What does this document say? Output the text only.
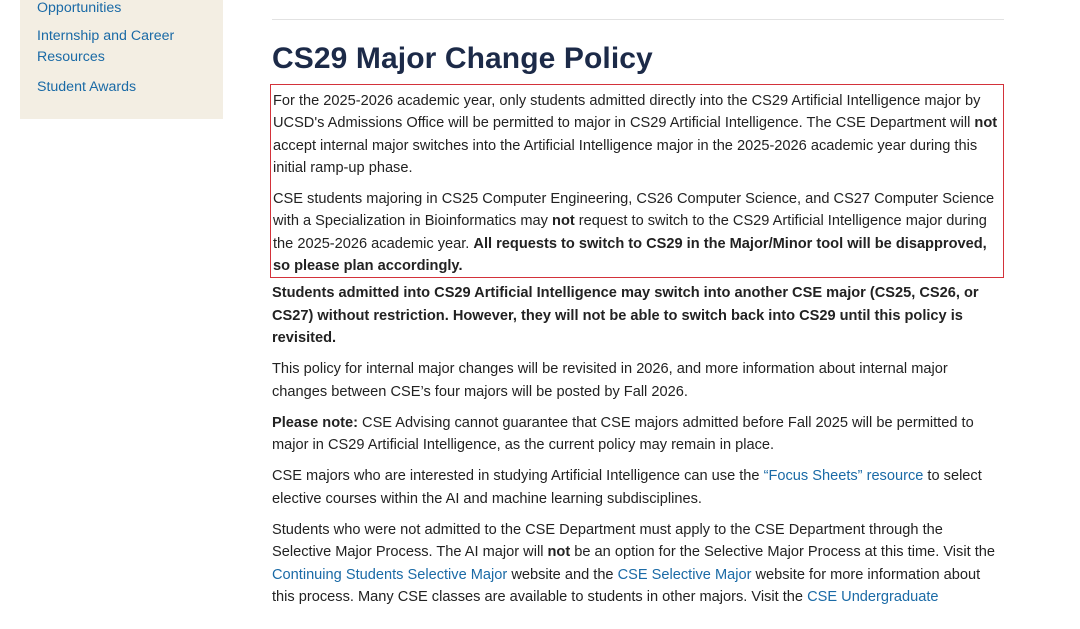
Opportunities
Internship and Career Resources
Student Awards
CS29 Major Change Policy

For the 2025-2026 academic year, only students admitted directly into the CS29 Artificial Intelligence major by UCSD's Admissions Office will be permitted to major in CS29 Artificial Intelligence. The CSE Department will not accept internal major switches into the Artificial Intelligence major in the 2025-2026 academic year during this initial ramp-up phase.

CSE students majoring in CS25 Computer Engineering, CS26 Computer Science, and CS27 Computer Science with a Specialization in Bioinformatics may not request to switch to the CS29 Artificial Intelligence major during the 2025-2026 academic year. All requests to switch to CS29 in the Major/Minor tool will be disapproved, so please plan accordingly.

Students admitted into CS29 Artificial Intelligence may switch into another CSE major (CS25, CS26, or CS27) without restriction. However, they will not be able to switch back into CS29 until this policy is revisited.

This policy for internal major changes will be revisited in 2026, and more information about internal major changes between CSE’s four majors will be posted by Fall 2026.

Please note: CSE Advising cannot guarantee that CSE majors admitted before Fall 2025 will be permitted to major in CS29 Artificial Intelligence, as the current policy may remain in place.

CSE majors who are interested in studying Artificial Intelligence can use the “Focus Sheets” resource to select elective courses within the AI and machine learning subdisciplines.

Students who were not admitted to the CSE Department must apply to the CSE Department through the Selective Major Process. The AI major will not be an option for the Selective Major Process at this time. Visit the Continuing Students Selective Major website and the CSE Selective Major website for more information about this process. Many CSE classes are available to students in other majors. Visit the CSE Undergraduate
